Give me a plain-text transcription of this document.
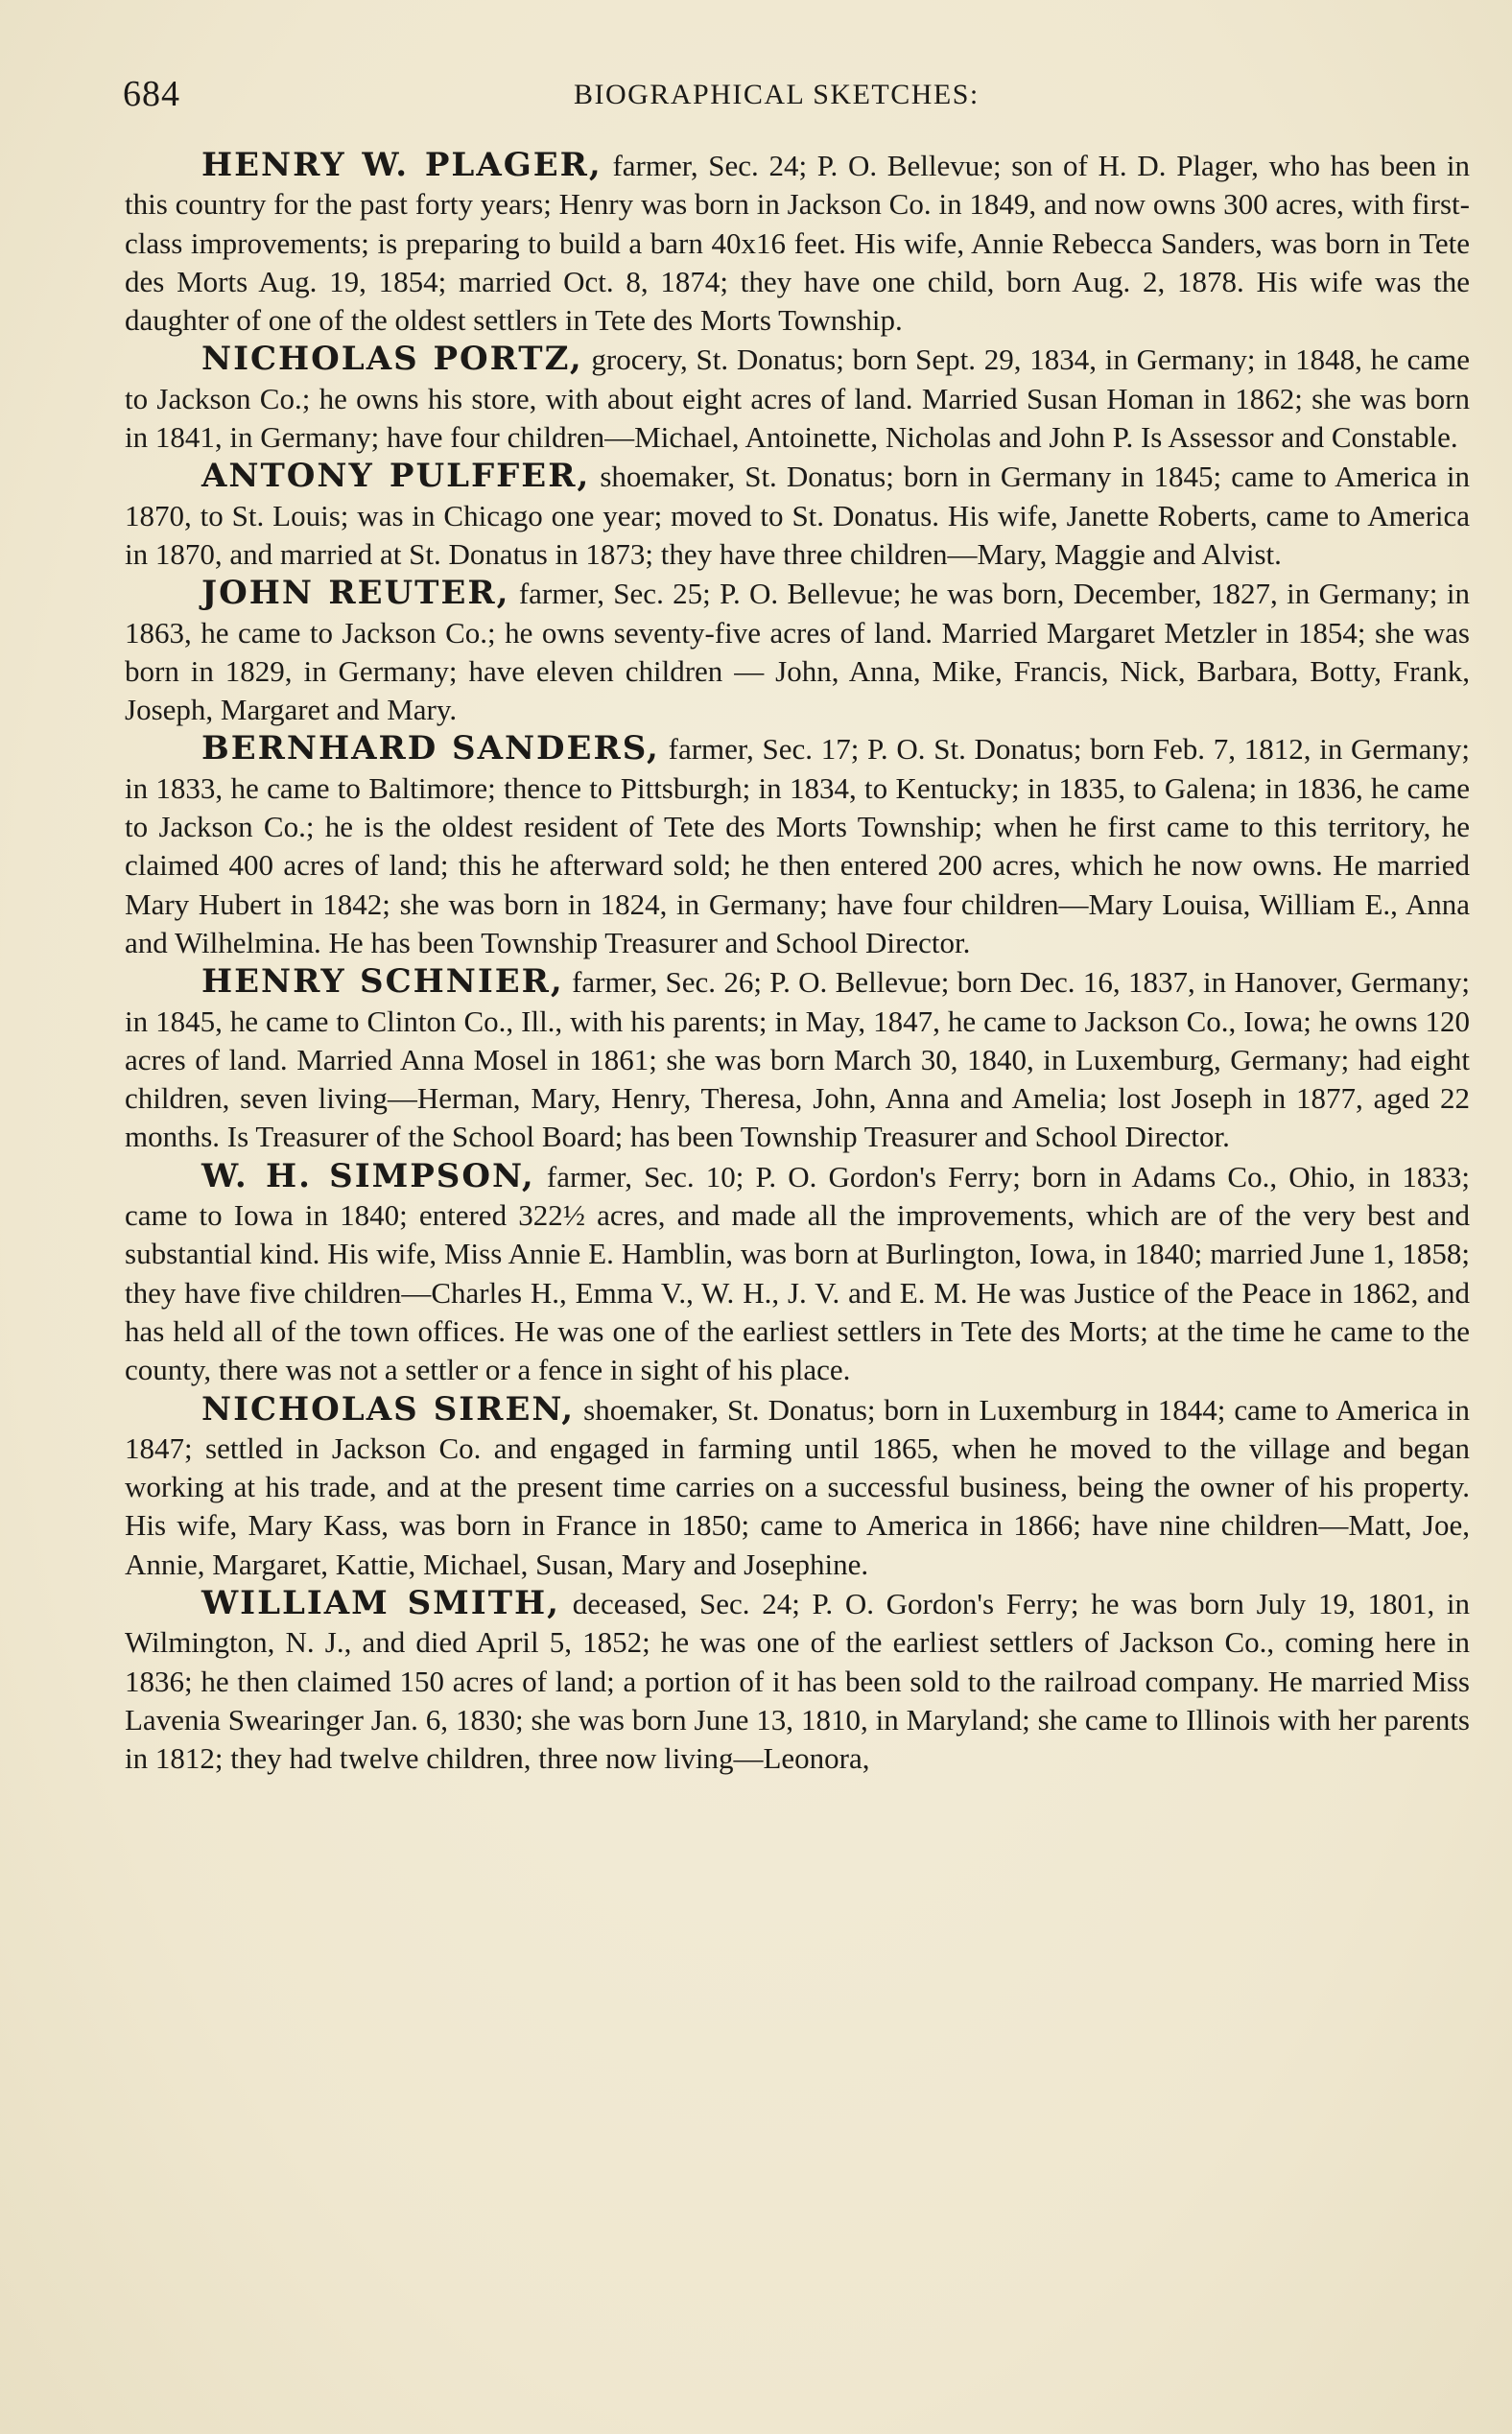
684	BIOGRAPHICAL SKETCHES:

HENRY W. PLAGER, farmer, Sec. 24; P. O. Bellevue; son of H. D. Plager, who has been in this country for the past forty years; Henry was born in Jackson Co. in 1849, and now owns 300 acres, with first-class improvements; is preparing to build a barn 40x16 feet. His wife, Annie Rebecca Sanders, was born in Tete des Morts Aug. 19, 1854; married Oct. 8, 1874; they have one child, born Aug. 2, 1878. His wife was the daughter of one of the oldest settlers in Tete des Morts Township.

NICHOLAS PORTZ, grocery, St. Donatus; born Sept. 29, 1834, in Germany; in 1848, he came to Jackson Co.; he owns his store, with about eight acres of land. Married Susan Homan in 1862; she was born in 1841, in Germany; have four children—Michael, Antoinette, Nicholas and John P. Is Assessor and Constable.

ANTONY PULFFER, shoemaker, St. Donatus; born in Germany in 1845; came to America in 1870, to St. Louis; was in Chicago one year; moved to St. Donatus. His wife, Janette Roberts, came to America in 1870, and married at St. Donatus in 1873; they have three children—Mary, Maggie and Alvist.

JOHN REUTER, farmer, Sec. 25; P. O. Bellevue; he was born, December, 1827, in Germany; in 1863, he came to Jackson Co.; he owns seventy-five acres of land. Married Margaret Metzler in 1854; she was born in 1829, in Germany; have eleven children — John, Anna, Mike, Francis, Nick, Barbara, Botty, Frank, Joseph, Margaret and Mary.

BERNHARD SANDERS, farmer, Sec. 17; P. O. St. Donatus; born Feb. 7, 1812, in Germany; in 1833, he came to Baltimore; thence to Pittsburgh; in 1834, to Kentucky; in 1835, to Galena; in 1836, he came to Jackson Co.; he is the oldest resident of Tete des Morts Township; when he first came to this territory, he claimed 400 acres of land; this he afterward sold; he then entered 200 acres, which he now owns. He married Mary Hubert in 1842; she was born in 1824, in Germany; have four children—Mary Louisa, William E., Anna and Wilhelmina. He has been Township Treasurer and School Director.

HENRY SCHNIER, farmer, Sec. 26; P. O. Bellevue; born Dec. 16, 1837, in Hanover, Germany; in 1845, he came to Clinton Co., Ill., with his parents; in May, 1847, he came to Jackson Co., Iowa; he owns 120 acres of land. Married Anna Mosel in 1861; she was born March 30, 1840, in Luxemburg, Germany; had eight children, seven living—Herman, Mary, Henry, Theresa, John, Anna and Amelia; lost Joseph in 1877, aged 22 months. Is Treasurer of the School Board; has been Township Treasurer and School Director.

W. H. SIMPSON, farmer, Sec. 10; P. O. Gordon's Ferry; born in Adams Co., Ohio, in 1833; came to Iowa in 1840; entered 322½ acres, and made all the improvements, which are of the very best and substantial kind. His wife, Miss Annie E. Hamblin, was born at Burlington, Iowa, in 1840; married June 1, 1858; they have five children—Charles H., Emma V., W. H., J. V. and E. M. He was Justice of the Peace in 1862, and has held all of the town offices. He was one of the earliest settlers in Tete des Morts; at the time he came to the county, there was not a settler or a fence in sight of his place.

NICHOLAS SIREN, shoemaker, St. Donatus; born in Luxemburg in 1844; came to America in 1847; settled in Jackson Co. and engaged in farming until 1865, when he moved to the village and began working at his trade, and at the present time carries on a successful business, being the owner of his property. His wife, Mary Kass, was born in France in 1850; came to America in 1866; have nine children—Matt, Joe, Annie, Margaret, Kattie, Michael, Susan, Mary and Josephine.

WILLIAM SMITH, deceased, Sec. 24; P. O. Gordon's Ferry; he was born July 19, 1801, in Wilmington, N. J., and died April 5, 1852; he was one of the earliest settlers of Jackson Co., coming here in 1836; he then claimed 150 acres of land; a portion of it has been sold to the railroad company. He married Miss Lavenia Swearinger Jan. 6, 1830; she was born June 13, 1810, in Maryland; she came to Illinois with her parents in 1812; they had twelve children, three now living—Leonora,
